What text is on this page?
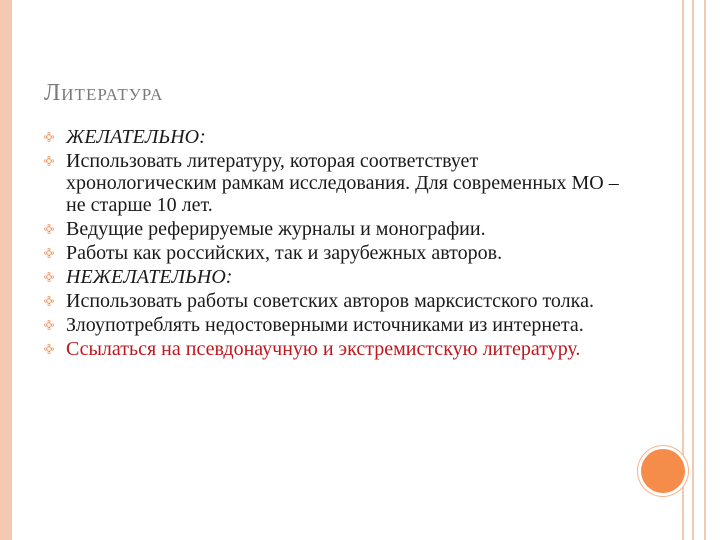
Литература
ЖЕЛАТЕЛЬНО:
Использовать литературу, которая соответствует хронологическим рамкам исследования. Для современных МО – не старше 10 лет.
Ведущие реферируемые журналы и монографии.
Работы как российских, так и зарубежных авторов.
НЕЖЕЛАТЕЛЬНО:
Использовать работы советских авторов марксистского толка.
Злоупотреблять недостоверными источниками из интернета.
Ссылаться на псевдонаучную и экстремистскую литературу.
